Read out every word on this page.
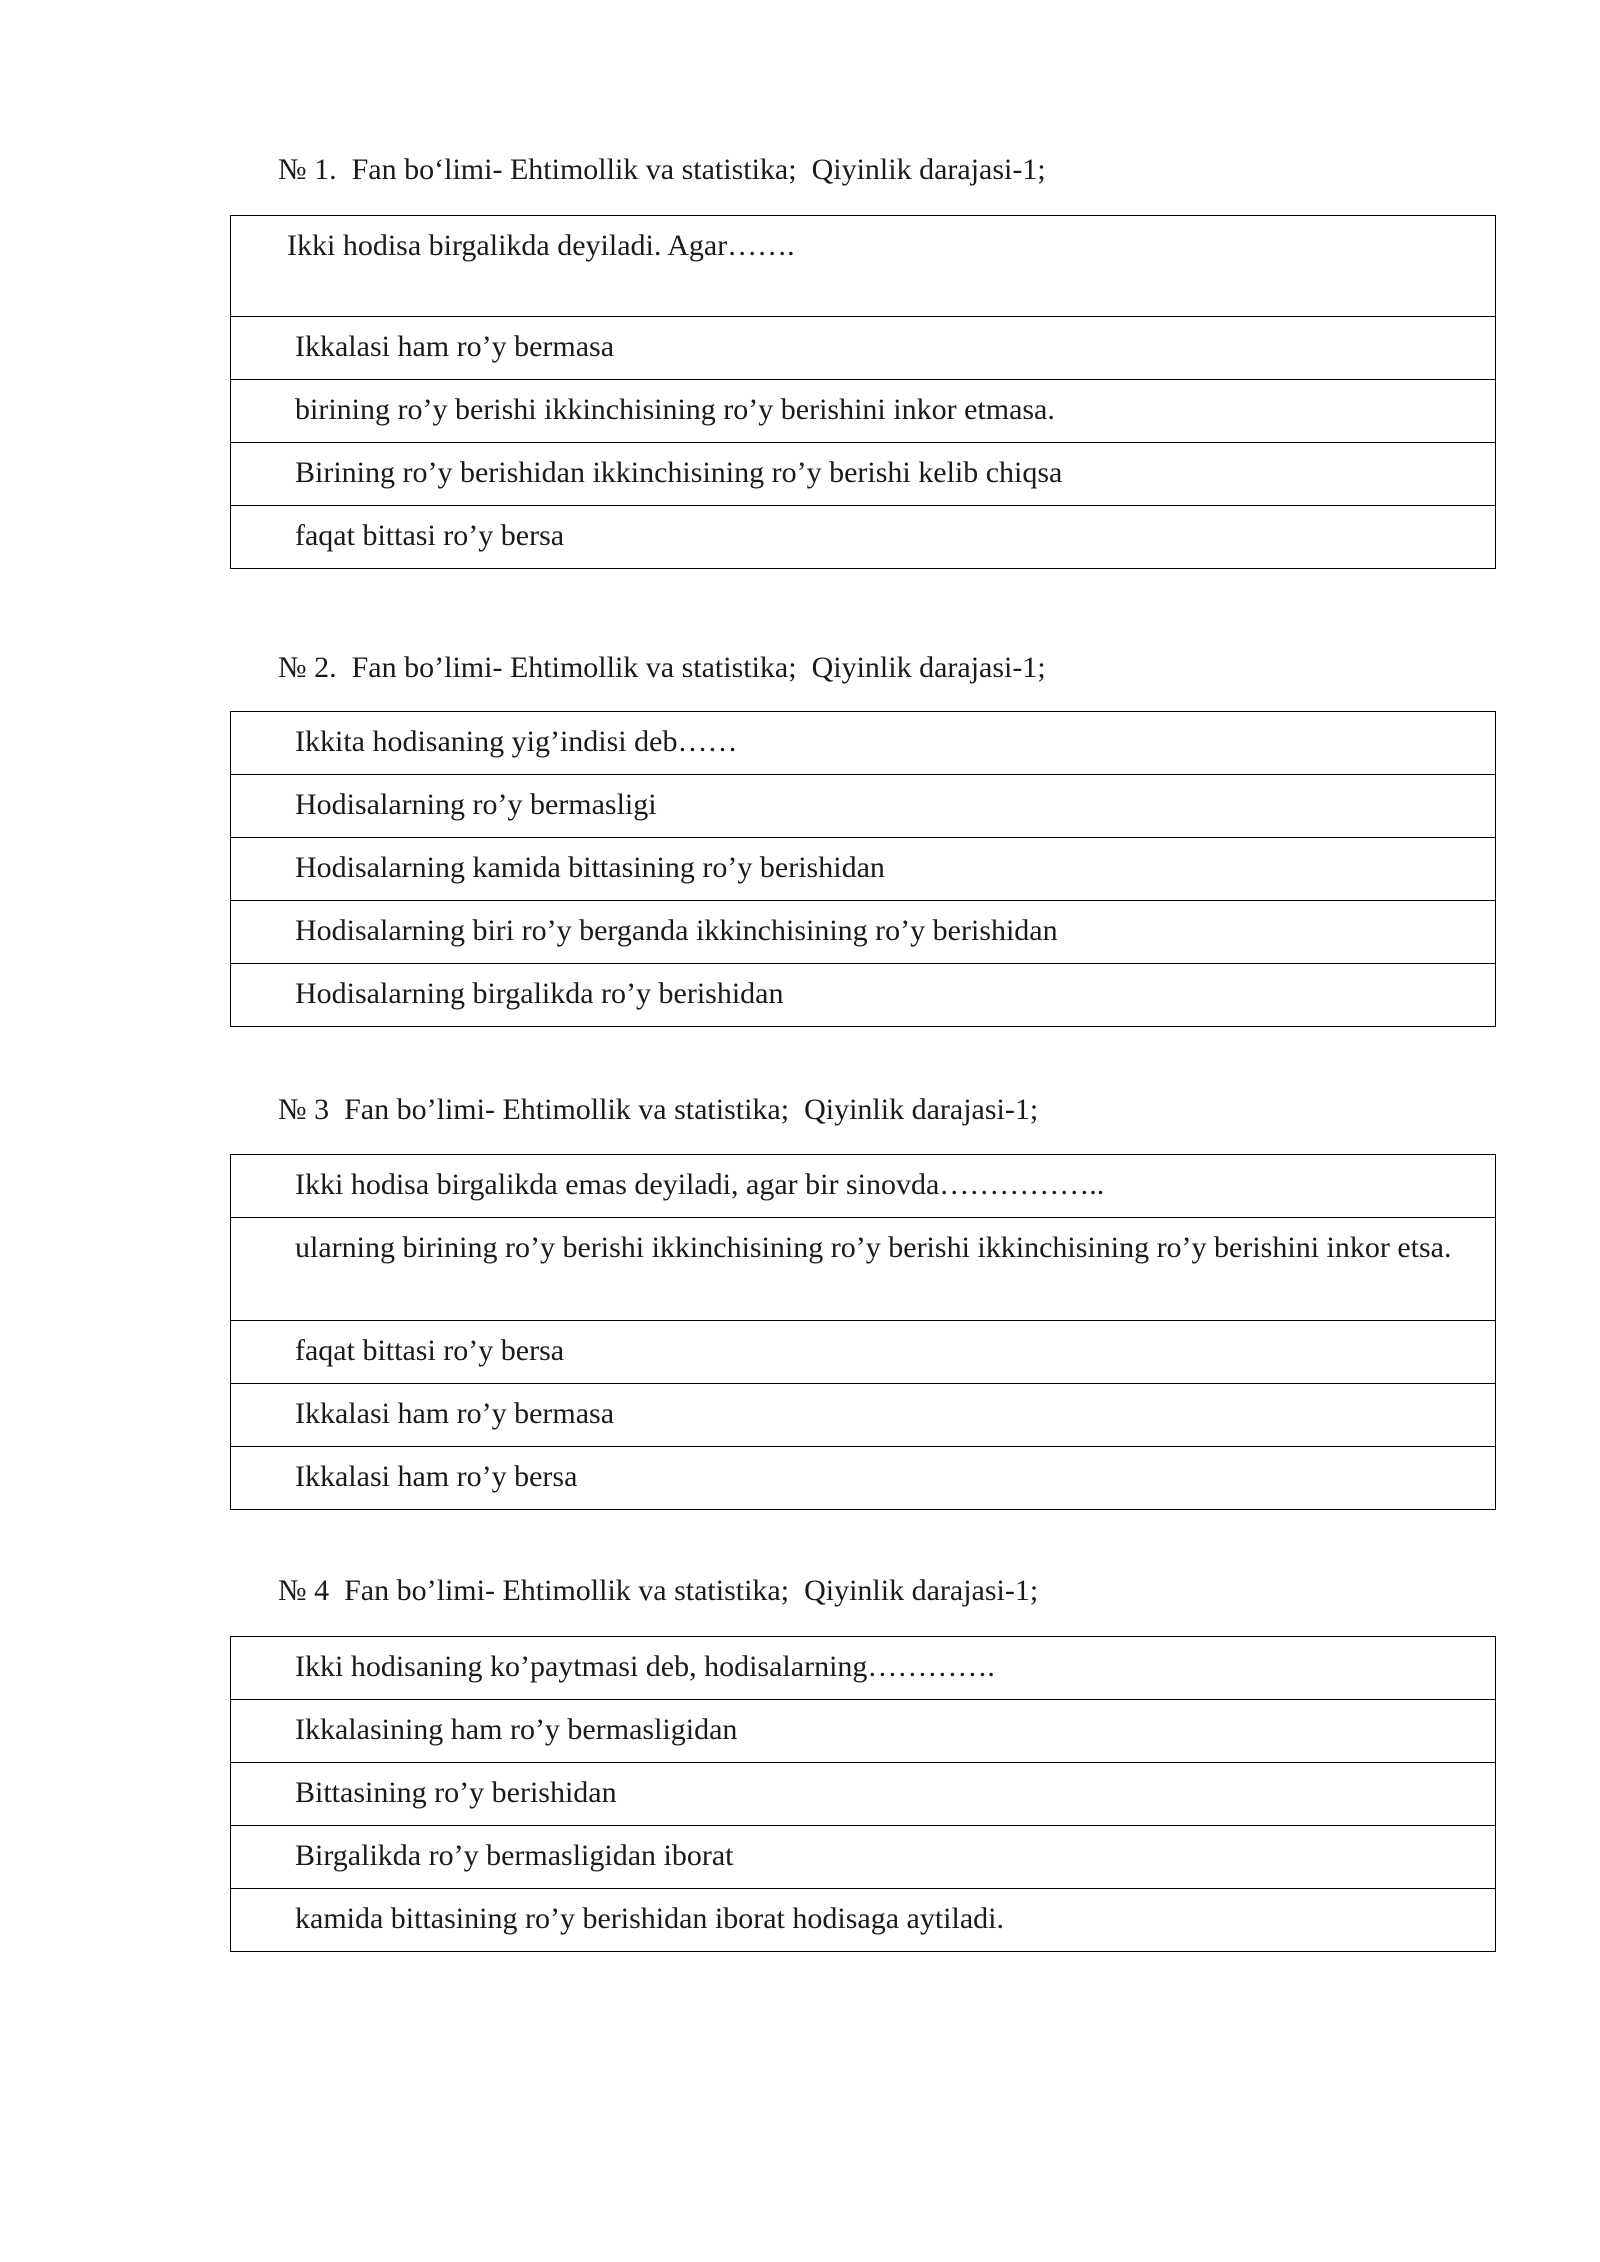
№ 1.  Fan bo‘limi- Ehtimollik va statistika;  Qiyinlik darajasi-1;
Ikki hodisa birgalikda deyiladi. Agar…….

Ikkalasi ham ro’y bermasa

birining ro’y berishi ikkinchisining ro’y berishini inkor etmasa.

Birining ro’y berishidan ikkinchisining ro’y berishi kelib chiqsa

faqat bittasi ro’y bersa
№ 2.  Fan bo’limi- Ehtimollik va statistika;  Qiyinlik darajasi-1;
Ikkita hodisaning yig’indisi deb……

Hodisalarning ro’y bermasligi

Hodisalarning kamida bittasining ro’y berishidan

Hodisalarning biri ro’y berganda ikkinchisining ro’y berishidan

Hodisalarning birgalikda ro’y berishidan
№ 3  Fan bo’limi- Ehtimollik va statistika;  Qiyinlik darajasi-1;
Ikki hodisa birgalikda emas deyiladi, agar bir sinovda……………..

ularning birining ro’y berishi ikkinchisining ro’y berishi ikkinchisining ro’y berishini inkor etsa.

faqat bittasi ro’y bersa

Ikkalasi ham ro’y bermasa

Ikkalasi ham ro’y bersa
№ 4  Fan bo’limi- Ehtimollik va statistika;  Qiyinlik darajasi-1;
Ikki hodisaning ko’paytmasi deb, hodisalarning………….

Ikkalasining ham ro’y bermasligidan

Bittasining ro’y berishidan

Birgalikda ro’y bermasligidan iborat

kamida bittasining ro’y berishidan iborat hodisaga aytiladi.
